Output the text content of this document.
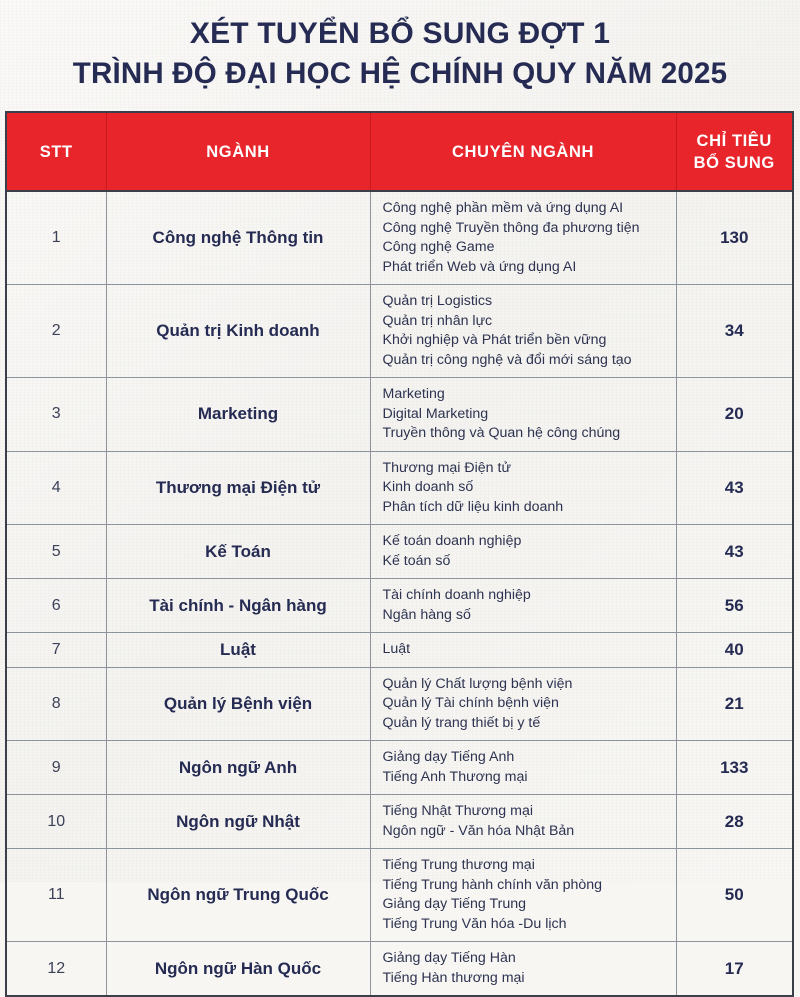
XÉT TUYỂN BỔ SUNG ĐỢT 1
TRÌNH ĐỘ ĐẠI HỌC HỆ CHÍNH QUY NĂM 2025
STT	NGÀNH	CHUYÊN NGÀNH	CHỈ TIÊU
BỔ SUNG
1	Công nghệ Thông tin	Công nghệ phần mềm và ứng dụng AI
Công nghệ Truyền thông đa phương tiện
Công nghệ Game
Phát triển Web và ứng dụng AI	130
2	Quản trị Kinh doanh	Quản trị Logistics
Quản trị nhân lực
Khởi nghiệp và Phát triển bền vững
Quản trị công nghệ và đổi mới sáng tạo	34
3	Marketing	Marketing
Digital Marketing
Truyền thông và Quan hệ công chúng	20
4	Thương mại Điện tử	Thương mại Điện tử
Kinh doanh số
Phân tích dữ liệu kinh doanh	43
5	Kế Toán	Kế toán doanh nghiệp
Kế toán số	43
6	Tài chính - Ngân hàng	Tài chính doanh nghiệp
Ngân hàng số	56
7	Luật	Luật	40
8	Quản lý Bệnh viện	Quản lý Chất lượng bệnh viện
Quản lý Tài chính bệnh viện
Quản lý trang thiết bị y tế	21
9	Ngôn ngữ Anh	Giảng dạy Tiếng Anh
Tiếng Anh Thương mại	133
10	Ngôn ngữ Nhật	Tiếng Nhật Thương mại
Ngôn ngữ - Văn hóa Nhật Bản	28
11	Ngôn ngữ Trung Quốc	Tiếng Trung thương mại
Tiếng Trung hành chính văn phòng
Giảng dạy Tiếng Trung
Tiếng Trung Văn hóa -Du lịch	50
12	Ngôn ngữ Hàn Quốc	Giảng dạy Tiếng Hàn
Tiếng Hàn thương mại	17
